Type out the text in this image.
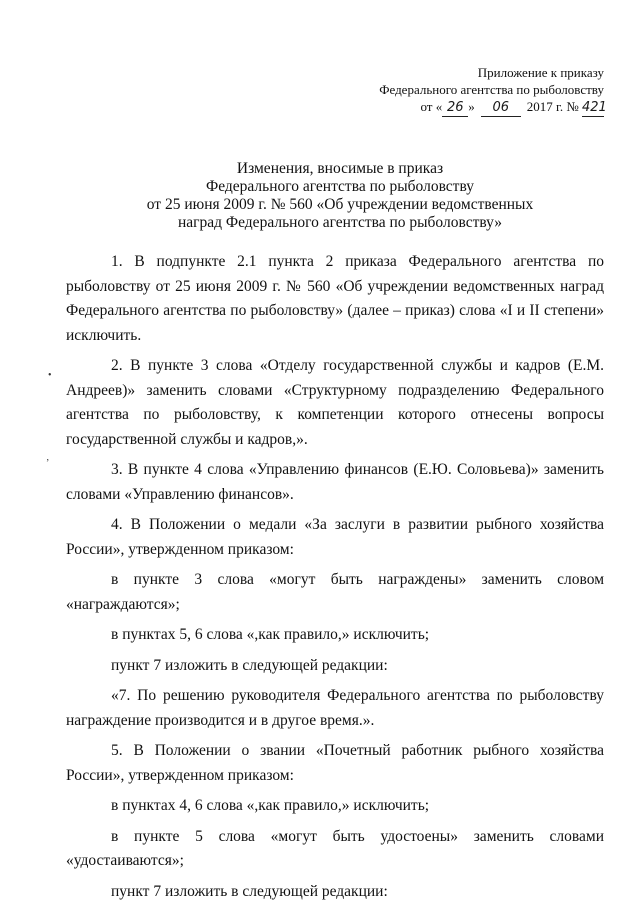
Приложение к приказу
Федерального агентства по рыболовству
от « 26 » 06 2017 г. № 421
Изменения, вносимые в приказ
Федерального агентства по рыболовству
от 25 июня 2009 г. № 560 «Об учреждении ведомственных
наград Федерального агентства по рыболовству»
•
ʼ

1. В подпункте 2.1 пункта 2 приказа Федерального агентства по рыболовству от 25 июня 2009 г. № 560 «Об учреждении ведомственных наград Федерального агентства по рыболовству» (далее – приказ) слова «I и II степени» исключить.

2. В пункте 3 слова «Отделу государственной службы и кадров (Е.М. Андреев)» заменить словами «Структурному подразделению Федерального агентства по рыболовству, к компетенции которого отнесены вопросы государственной службы и кадров,».

3. В пункте 4 слова «Управлению финансов (Е.Ю. Соловьева)» заменить словами «Управлению финансов».

4. В Положении о медали «За заслуги в развитии рыбного хозяйства России», утвержденном приказом:

в пункте 3 слова «могут быть награждены» заменить словом «награждаются»;

в пунктах 5, 6 слова «,как правило,» исключить;

пункт 7 изложить в следующей редакции:

«7. По решению руководителя Федерального агентства по рыболовству награждение производится и в другое время.».

5. В Положении о звании «Почетный работник рыбного хозяйства России», утвержденном приказом:

в пунктах 4, 6 слова «,как правило,» исключить;

в пункте 5 слова «могут быть удостоены» заменить словами «удостаиваются»;

пункт 7 изложить в следующей редакции:
